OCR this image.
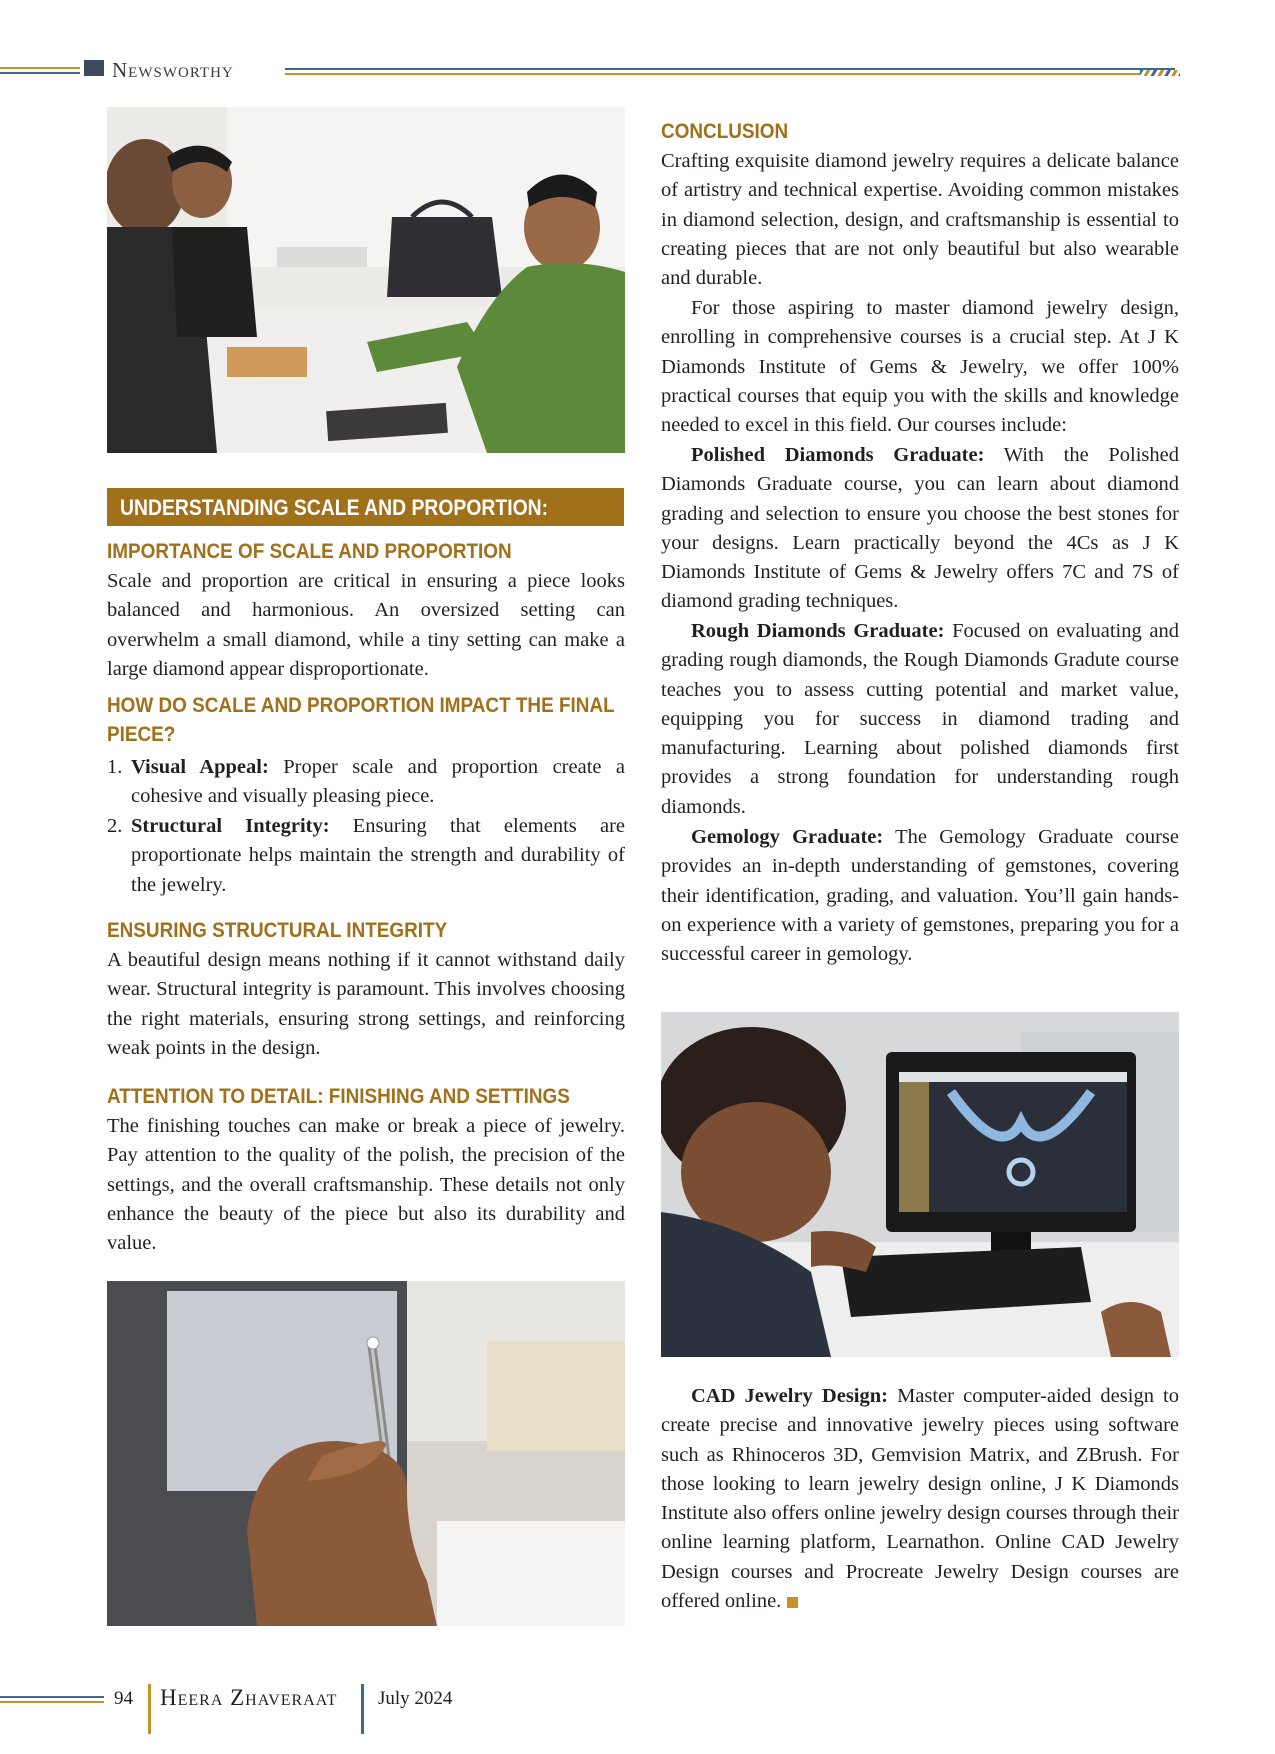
Newsworthy
UNDERSTANDING SCALE AND PROPORTION:
IMPORTANCE OF SCALE AND PROPORTION

Scale and proportion are critical in ensuring a piece looks balanced and harmonious. An oversized setting can overwhelm a small diamond, while a tiny setting can make a large diamond appear disproportionate.

HOW DO SCALE AND PROPORTION IMPACT THE FINAL
PIECE?
1. Visual Appeal: Proper scale and proportion create a cohesive and visually pleasing piece.
2. Structural Integrity: Ensuring that elements are proportionate helps maintain the strength and durability of the jewelry.
ENSURING STRUCTURAL INTEGRITY

A beautiful design means nothing if it cannot withstand daily wear. Structural integrity is paramount. This involves choosing the right materials, ensuring strong settings, and reinforcing weak points in the design.

ATTENTION TO DETAIL: FINISHING AND SETTINGS

The finishing touches can make or break a piece of jewelry. Pay attention to the quality of the polish, the precision of the settings, and the overall craftsmanship. These details not only enhance the beauty of the piece but also its durability and value.

CONCLUSION

Crafting exquisite diamond jewelry requires a delicate balance of artistry and technical expertise. Avoiding common mistakes in diamond selection, design, and craftsmanship is essential to creating pieces that are not only beautiful but also wearable and durable.

For those aspiring to master diamond jewelry design, enrolling in comprehensive courses is a crucial step. At J K Diamonds Institute of Gems & Jewelry, we offer 100% practical courses that equip you with the skills and knowledge needed to excel in this field. Our courses include:

Polished Diamonds Graduate: With the Polished Diamonds Graduate course, you can learn about diamond grading and selection to ensure you choose the best stones for your designs. Learn practically beyond the 4Cs as J K Diamonds Institute of Gems & Jewelry offers 7C and 7S of diamond grading techniques.

Rough Diamonds Graduate: Focused on evaluating and grading rough diamonds, the Rough Diamonds Gradute course teaches you to assess cutting potential and market value, equipping you for success in diamond trading and manufacturing. Learning about polished diamonds first provides a strong foundation for understanding rough diamonds.

Gemology Graduate: The Gemology Graduate course provides an in-depth understanding of gemstones, covering their identification, grading, and valuation. You’ll gain hands-on experience with a variety of gemstones, preparing you for a successful career in gemology.

CAD Jewelry Design: Master computer-aided design to create precise and innovative jewelry pieces using software such as Rhinoceros 3D, Gemvision Matrix, and ZBrush. For those looking to learn jewelry design online, J K Diamonds Institute also offers online jewelry design courses through their online learning platform, Learnathon. Online CAD Jewelry Design courses and Procreate Jewelry Design courses are offered online.

94 Heera Zhaveraat July 2024
